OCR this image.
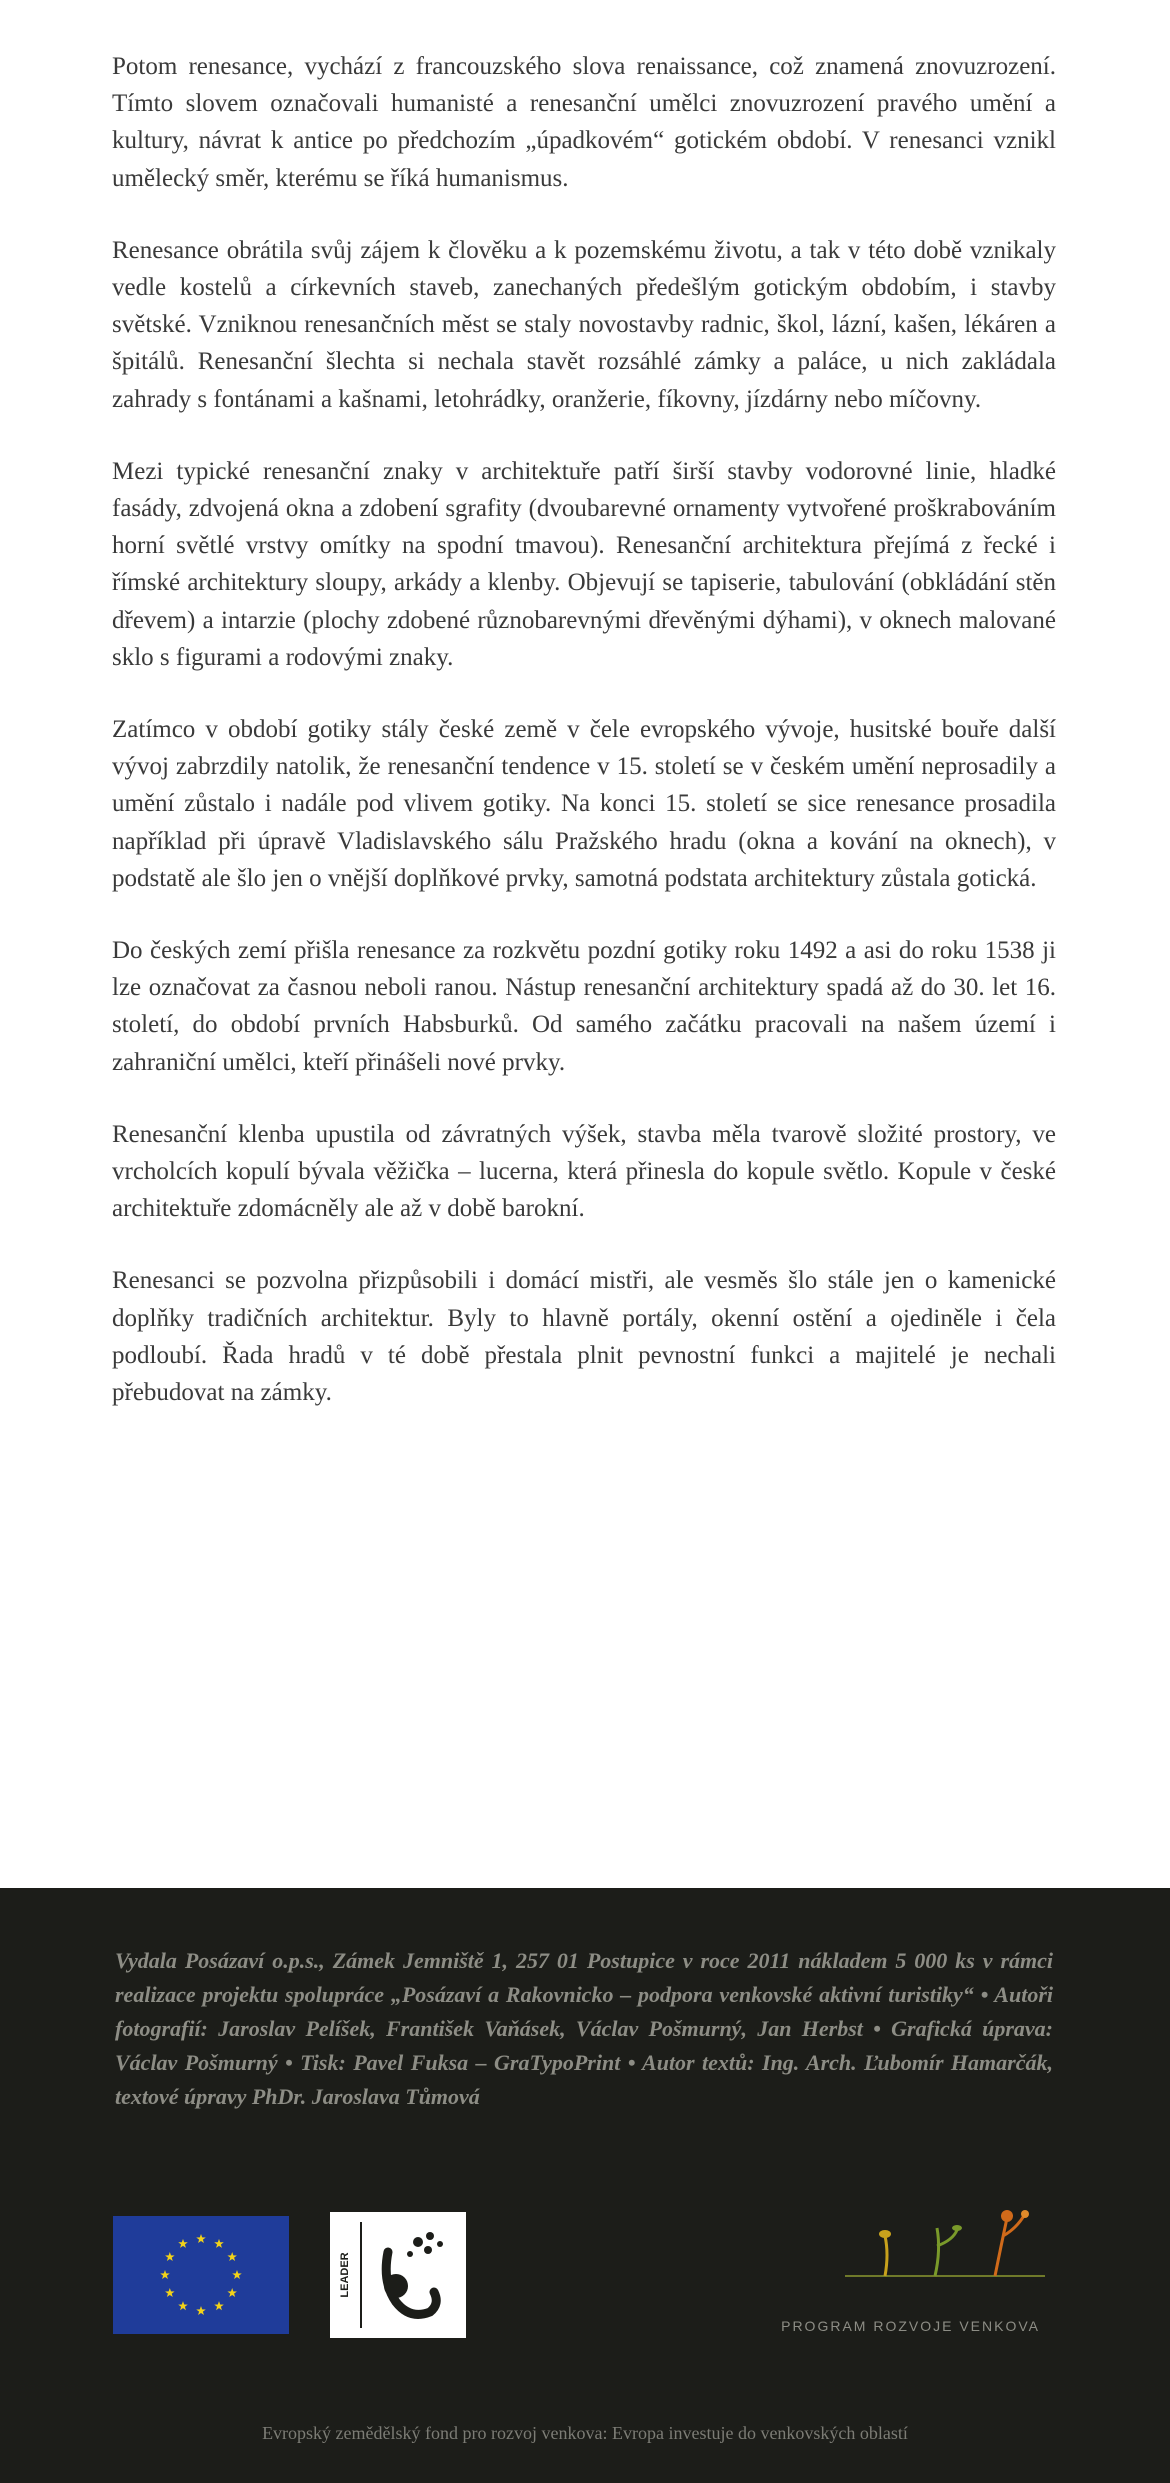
Potom renesance, vychází z francouzského slova renaissance, což znamená znovuzrození. Tímto slovem označovali humanisté a renesanční umělci znovuzrození pravého umění a kultury, návrat k antice po předchozím „úpadkovém“ gotickém období. V renesanci vznikl umělecký směr, kterému se říká humanismus.

Renesance obrátila svůj zájem k člověku a k pozemskému životu, a tak v této době vznikaly vedle kostelů a církevních staveb, zanechaných předešlým gotickým obdobím, i stavby světské. Vzniknou renesančních měst se staly novostavby radnic, škol, lázní, kašen, lékáren a špitálů. Renesanční šlechta si nechala stavět rozsáhlé zámky a paláce, u nich zakládala zahrady s fontánami a kašnami, letohrádky, oranžerie, fíkovny, jízdárny nebo míčovny.

Mezi typické renesanční znaky v architektuře patří širší stavby vodorovné linie, hladké fasády, zdvojená okna a zdobení sgrafity (dvoubarevné ornamenty vytvořené proškrabováním horní světlé vrstvy omítky na spodní tmavou). Renesanční architektura přejímá z řecké i římské architektury sloupy, arkády a klenby. Objevují se tapiserie, tabulování (obkládání stěn dřevem) a intarzie (plochy zdobené různobarevnými dřevěnými dýhami), v oknech malované sklo s figurami a rodovými znaky.

Zatímco v období gotiky stály české země v čele evropského vývoje, husitské bouře další vývoj zabrzdily natolik, že renesanční tendence v 15. století se v českém umění neprosadily a umění zůstalo i nadále pod vlivem gotiky. Na konci 15. století se sice renesance prosadila například při úpravě Vladislavského sálu Pražského hradu (okna a kování na oknech), v podstatě ale šlo jen o vnější doplňkové prvky, samotná podstata architektury zůstala gotická.

Do českých zemí přišla renesance za rozkvětu pozdní gotiky roku 1492 a asi do roku 1538 ji lze označovat za časnou neboli ranou. Nástup renesanční architektury spadá až do 30. let 16. století, do období prvních Habsburků. Od samého začátku pracovali na našem území i zahraniční umělci, kteří přinášeli nové prvky.

Renesanční klenba upustila od závratných výšek, stavba měla tvarově složité prostory, ve vrcholcích kopulí bývala věžička – lucerna, která přinesla do kopule světlo. Kopule v české architektuře zdomácněly ale až v době barokní.

Renesanci se pozvolna přizpůsobili i domácí mistři, ale vesměs šlo stále jen o kamenické doplňky tradičních architektur. Byly to hlavně portály, okenní ostění a ojediněle i čela podloubí. Řada hradů v té době přestala plnit pevnostní funkci a majitelé je nechali přebudovat na zámky.

Vydala Posázaví o.p.s., Zámek Jemniště 1, 257 01 Postupice v roce 2011 nákladem 5 000 ks v rámci realizace projektu spolupráce „Posázaví a Rakovnicko – podpora venkovské aktivní turistiky“ • Autoři fotografií: Jaroslav Pelíšek, František Vaňásek, Václav Pošmurný, Jan Herbst • Grafická úprava: Václav Pošmurný • Tisk: Pavel Fuksa – GraTypoPrint • Autor textů: Ing. Arch. Ľubomír Hamarčák, textové úpravy PhDr. Jaroslava Tůmová
LEADER
PROGRAM ROZVOJE VENKOVA
Evropský zemědělský fond pro rozvoj venkova: Evropa investuje do venkovských oblastí
